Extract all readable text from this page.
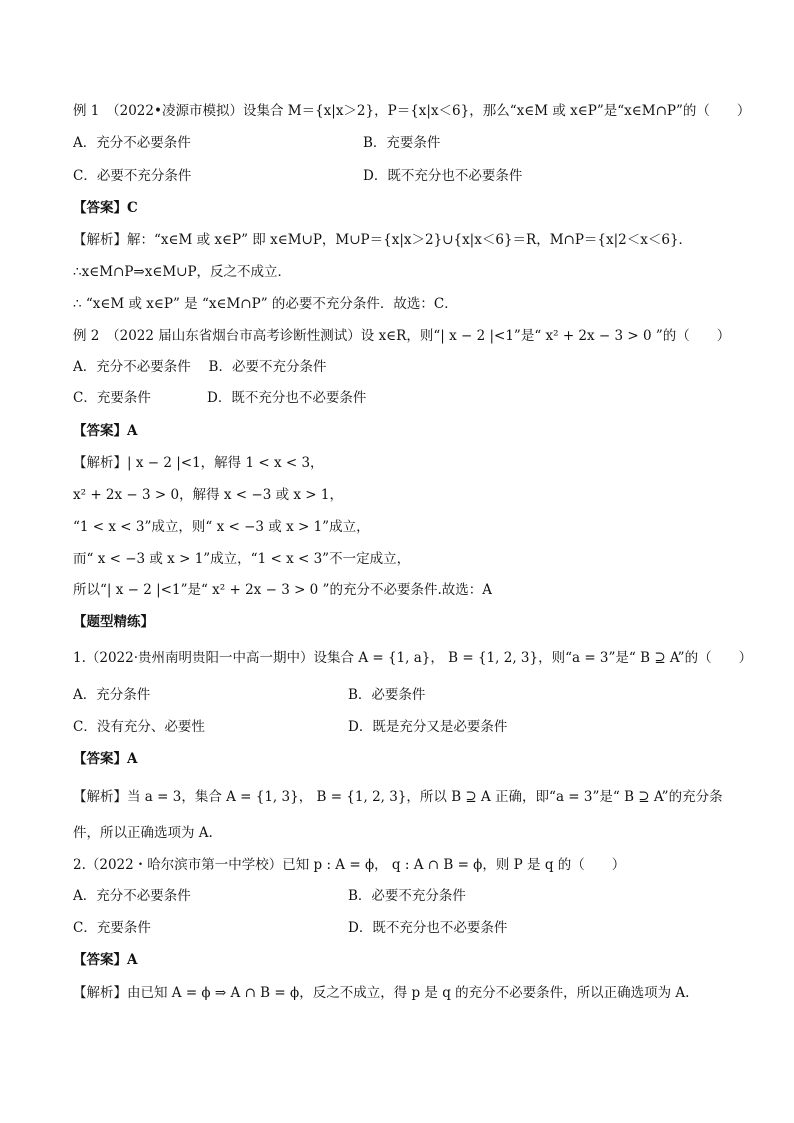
例 1　（2022•凌源市模拟）设集合 M＝{x|x＞2}，P＝{x|x＜6}，那么“x∈M 或 x∈P”是“x∈M∩P”的（　　）
A．充分不必要条件	B．充要条件
C．必要不充分条件	D．既不充分也不必要条件
【答案】C
【解析】解：“x∈M 或 x∈P” 即 x∈M∪P，M∪P＝{x|x＞2}∪{x|x＜6}＝R，M∩P＝{x|2＜x＜6}．
∴x∈M∩P⇒x∈M∪P，反之不成立．
∴ “x∈M 或 x∈P” 是 “x∈M∩P” 的必要不充分条件．故选：C．
例 2　（2022 届山东省烟台市高考诊断性测试）设 x∈R，则“| x − 2 |<1”是“ x² + 2x − 3 > 0 ”的（　　）
A．充分不必要条件　 B．必要不充分条件
C．充要条件	D．既不充分也不必要条件
【答案】A
【解析】| x − 2 |<1，解得 1 < x < 3，
x² + 2x − 3 > 0，解得 x < −3 或 x > 1，
“1 < x < 3”成立，则“ x < −3 或 x > 1”成立，
而“ x < −3 或 x > 1”成立，“1 < x < 3”不一定成立，
所以“| x − 2 |<1”是“ x² + 2x − 3 > 0 ”的充分不必要条件.故选：A
【题型精练】
1.（2022·贵州南明贵阳一中高一期中）设集合 A = {1, a}， B = {1, 2, 3}，则“a = 3”是“ B ⊇ A”的（　　）
A．充分条件	B．必要条件
C．没有充分、必要性	D．既是充分又是必要条件
【答案】A
【解析】当 a = 3，集合 A = {1, 3}， B = {1, 2, 3}，所以 B ⊇ A 正确，即“a = 3”是“ B ⊇ A”的充分条
件，所以正确选项为 A.
2.（2022・哈尔滨市第一中学校）已知 p : A = ϕ， q : A ∩ B = ϕ，则 P 是 q 的（　　）
A．充分不必要条件	B．必要不充分条件
C．充要条件	D．既不充分也不必要条件
【答案】A
【解析】由已知 A = ϕ ⇒ A ∩ B = ϕ，反之不成立，得 p 是 q 的充分不必要条件，所以正确选项为 A.
